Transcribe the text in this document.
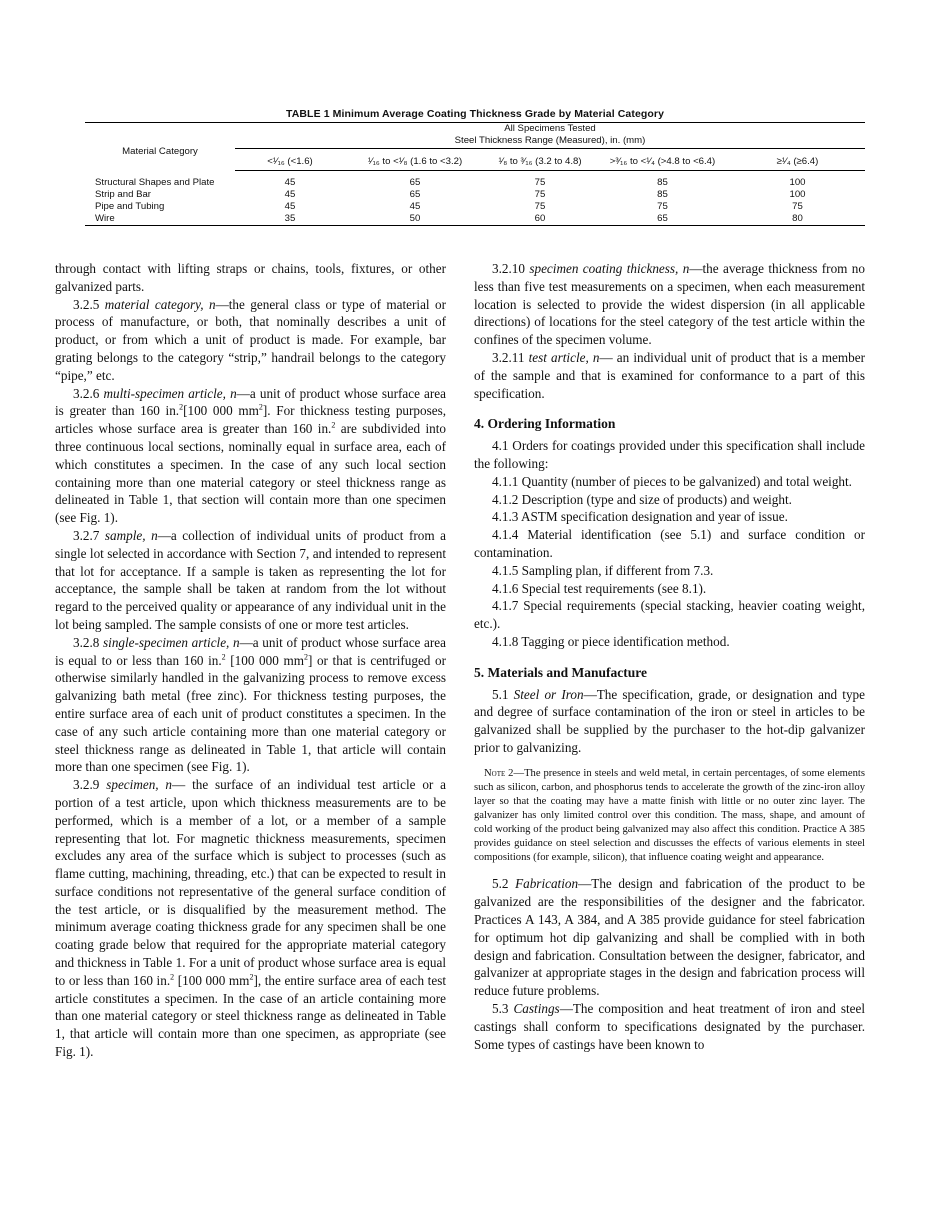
TABLE 1 Minimum Average Coating Thickness Grade by Material Category
Material Category	All Specimens Tested

Steel Thickness Range (Measured), in. (mm)				

	<¹⁄₁₆ (<1.6)	¹⁄₁₆ to <¹⁄₈ (1.6 to <3.2)	¹⁄₈ to ³⁄₁₆ (3.2 to 4.8)	>³⁄₁₆ to <¹⁄₄ (>4.8 to <6.4)	≥¹⁄₄ (≥6.4)

Structural Shapes and Plate	45	65	75	85	100
Strip and Bar	45	65	75	85	100
Pipe and Tubing	45	45	75	75	75
Wire	35	50	60	65	80

through contact with lifting straps or chains, tools, fixtures, or other galvanized parts.

3.2.5 material category, n—the general class or type of material or process of manufacture, or both, that nominally describes a unit of product, or from which a unit of product is made. For example, bar grating belongs to the category “strip,” handrail belongs to the category “pipe,” etc.

3.2.6 multi-specimen article, n—a unit of product whose surface area is greater than 160 in.$^2$[100 000 $mm^2$]. For thickness testing purposes, articles whose surface area is greater than 160 in.$^2$ are subdivided into three continuous local sections, nominally equal in surface area, each of which constitutes a specimen. In the case of any such local section containing more than one material category or steel thickness range as delineated in Table 1, that section will contain more than one specimen (see Fig. 1).

3.2.7 sample, n—a collection of individual units of product from a single lot selected in accordance with Section 7, and intended to represent that lot for acceptance. If a sample is taken as representing the lot for acceptance, the sample shall be taken at random from the lot without regard to the perceived quality or appearance of any individual unit in the lot being sampled. The sample consists of one or more test articles.

3.2.8 single-specimen article, n—a unit of product whose surface area is equal to or less than 160 in.$^2$ [100 000 $mm^2$] or that is centrifuged or otherwise similarly handled in the galvanizing process to remove excess galvanizing bath metal (free zinc). For thickness testing purposes, the entire surface area of each unit of product constitutes a specimen. In the case of any such article containing more than one material category or steel thickness range as delineated in Table 1, that article will contain more than one specimen (see Fig. 1).

3.2.9 specimen, n— the surface of an individual test article or a portion of a test article, upon which thickness measurements are to be performed, which is a member of a lot, or a member of a sample representing that lot. For magnetic thickness measurements, specimen excludes any area of the surface which is subject to processes (such as flame cutting, machining, threading, etc.) that can be expected to result in surface conditions not representative of the general surface condition of the test article, or is disqualified by the measurement method. The minimum average coating thickness grade for any specimen shall be one coating grade below that required for the appropriate material category and thickness in Table 1. For a unit of product whose surface area is equal to or less than 160 in.$^2$ [100 000 $mm^2$], the entire surface area of each test article constitutes a specimen. In the case of an article containing more than one material category or steel thickness range as delineated in Table 1, that article will contain more than one specimen, as appropriate (see Fig. 1).

3.2.10 specimen coating thickness, n—the average thickness from no less than five test measurements on a specimen, when each measurement location is selected to provide the widest dispersion (in all applicable directions) of locations for the steel category of the test article within the confines of the specimen volume.

3.2.11 test article, n— an individual unit of product that is a member of the sample and that is examined for conformance to a part of this specification.

4. Ordering Information

4.1 Orders for coatings provided under this specification shall include the following:

4.1.1 Quantity (number of pieces to be galvanized) and total weight.

4.1.2 Description (type and size of products) and weight.

4.1.3 ASTM specification designation and year of issue.

4.1.4 Material identification (see 5.1) and surface condition or contamination.

4.1.5 Sampling plan, if different from 7.3.

4.1.6 Special test requirements (see 8.1).

4.1.7 Special requirements (special stacking, heavier coating weight, etc.).

4.1.8 Tagging or piece identification method.

5. Materials and Manufacture

5.1 Steel or Iron—The specification, grade, or designation and type and degree of surface contamination of the iron or steel in articles to be galvanized shall be supplied by the purchaser to the hot-dip galvanizer prior to galvanizing.

Note 2—The presence in steels and weld metal, in certain percentages, of some elements such as silicon, carbon, and phosphorus tends to accelerate the growth of the zinc-iron alloy layer so that the coating may have a matte finish with little or no outer zinc layer. The galvanizer has only limited control over this condition. The mass, shape, and amount of cold working of the product being galvanized may also affect this condition. Practice A 385 provides guidance on steel selection and discusses the effects of various elements in steel compositions (for example, silicon), that influence coating weight and appearance.

5.2 Fabrication—The design and fabrication of the product to be galvanized are the responsibilities of the designer and the fabricator. Practices A 143, A 384, and A 385 provide guidance for steel fabrication for optimum hot dip galvanizing and shall be complied with in both design and fabrication. Consultation between the designer, fabricator, and galvanizer at appropriate stages in the design and fabrication process will reduce future problems.

5.3 Castings—The composition and heat treatment of iron and steel castings shall conform to specifications designated by the purchaser. Some types of castings have been known to
